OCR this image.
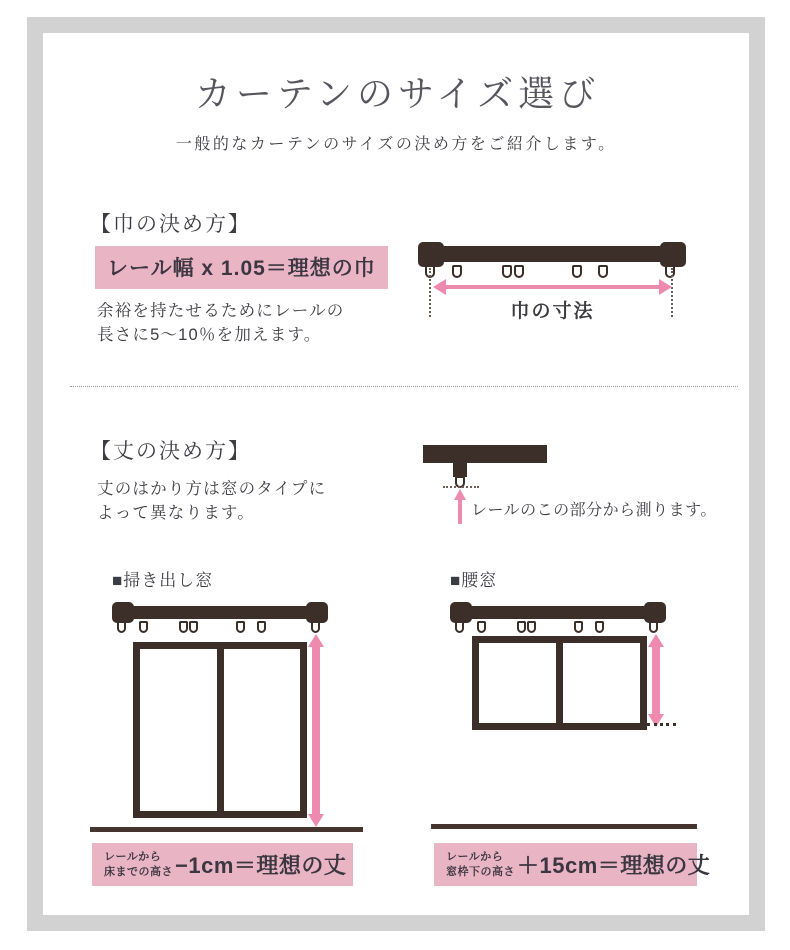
カーテンのサイズ選び
一般的なカーテンのサイズの決め方をご紹介します。
【巾の決め方】
レール幅 x 1.05＝理想の巾
余裕を持たせるためにレールの
長さに5〜10％を加えます。
巾の寸法
【丈の決め方】
丈のはかり方は窓のタイプに
よって異なります。	レールのこの部分から測ります。
■掃き出し窓
レールから
床までの高さ −1cm＝理想の丈
■腰窓
レールから
窓枠下の高さ ＋15cm＝理想の丈
